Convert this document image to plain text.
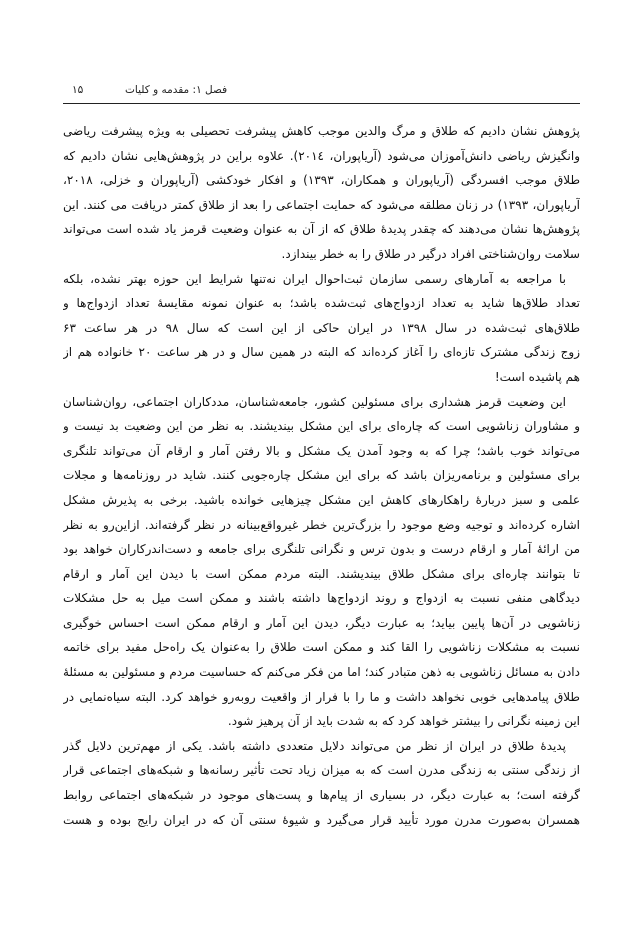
۱۵	فصل ۱: مقدمه و کلیات
پژوهش نشان دادیم که طلاق و مرگ والدین موجب کاهش پیشرفت تحصیلی به ویژه پیشرفت ریاضی
وانگیزش ریاضی دانش‌آموزان می‌شود (آریاپوران، ۲۰۱٤). علاوه براین در پژوهش‌هایی نشان دادیم که
طلاق موجب افسردگی (آریاپوران و همکاران، ۱۳۹۳) و افکار خودکشی (آریاپوران و خزلی، ۲۰۱۸،
آریاپوران، ۱۳۹۳) در زنان مطلقه می‌شود که حمایت اجتماعی را بعد از طلاق کمتر دریافت می کنند. این
پژوهش‌ها نشان می‌دهند که چقدر پدیدۀ طلاق که از آن به عنوان وضعیت قرمز یاد شده است می‌تواند
سلامت روان‌شناختی افراد درگیر در طلاق را به خطر بیندازد.
با مراجعه به آمارهای رسمی سازمان ثبت‌احوال ایران نه‌تنها شرایط این حوزه بهتر نشده، بلکه
تعداد طلاق‌ها شاید به تعداد ازدواج‌های ثبت‌شده باشد؛ به عنوان نمونه مقایسۀ تعداد ازدواج‌ها و
طلاق‌های ثبت‌شده در سال ۱۳۹۸ در ایران حاکی از این است که سال ۹۸ در هر ساعت ۶۳
زوج زندگی مشترک تازه‌ای را آغاز کرده‌اند که البته در همین سال و در هر ساعت ۲۰ خانواده هم از
هم پاشیده است!
این وضعیت قرمز هشداری برای مسئولین کشور، جامعه‌شناسان، مددکاران اجتماعی، روان‌شناسان
و مشاوران زناشویی است که چاره‌ای برای این مشکل بیندیشند. به نظر من این وضعیت بد نیست و
می‌تواند خوب باشد؛ چرا که به وجود آمدن یک مشکل و بالا رفتن آمار و ارقام آن می‌تواند تلنگری
برای مسئولین و برنامه‌ریزان باشد که برای این مشکل چاره‌جویی کنند. شاید در روزنامه‌ها و مجلات
علمی و سبز دربارۀ راهکارهای کاهش این مشکل چیزهایی خوانده باشید. برخی به پذیرش مشکل
اشاره کرده‌اند و توجیه وضع موجود را بزرگ‌ترین خطر غیرواقع‌بینانه در نظر گرفته‌اند. ازاین‌رو به نظر
من ارائۀ آمار و ارقام درست و بدون ترس و نگرانی تلنگری برای جامعه و دست‌اندرکاران خواهد بود
تا بتوانند چاره‌ای برای مشکل طلاق بیندیشند. البته مردم ممکن است با دیدن این آمار و ارقام
دیدگاهی منفی نسبت به ازدواج و روند ازدواج‌ها داشته باشند و ممکن است میل به حل مشکلات
زناشویی در آن‌ها پایین بیاید؛ به عبارت دیگر، دیدن این آمار و ارقام ممکن است احساس خوگیری
نسبت به مشکلات زناشویی را القا کند و ممکن است طلاق را به‌عنوان یک راه‌حل مفید برای خاتمه
دادن به مسائل زناشویی به ذهن متبادر کند؛ اما من فکر می‌کنم که حساسیت مردم و مسئولین به مسئلۀ
طلاق پیامدهایی خوبی نخواهد داشت و ما را با فرار از واقعیت روبه‌رو خواهد کرد. البته سیاه‌نمایی در
این زمینه نگرانی را بیشتر خواهد کرد که به شدت باید از آن پرهیز شود.
پدیدۀ طلاق در ایران از نظر من می‌تواند دلایل متعددی داشته باشد. یکی از مهم‌ترین دلایل گذر
از زندگی سنتی به زندگی مدرن است که به میزان زیاد تحت تأثیر رسانه‌ها و شبکه‌های اجتماعی قرار
گرفته است؛ به عبارت دیگر، در بسیاری از پیام‌ها و پست‌های موجود در شبکه‌های اجتماعی روابط
همسران به‌صورت مدرن مورد تأیید قرار می‌گیرد و شیوۀ سنتی آن که در ایران رایج بوده و هست
